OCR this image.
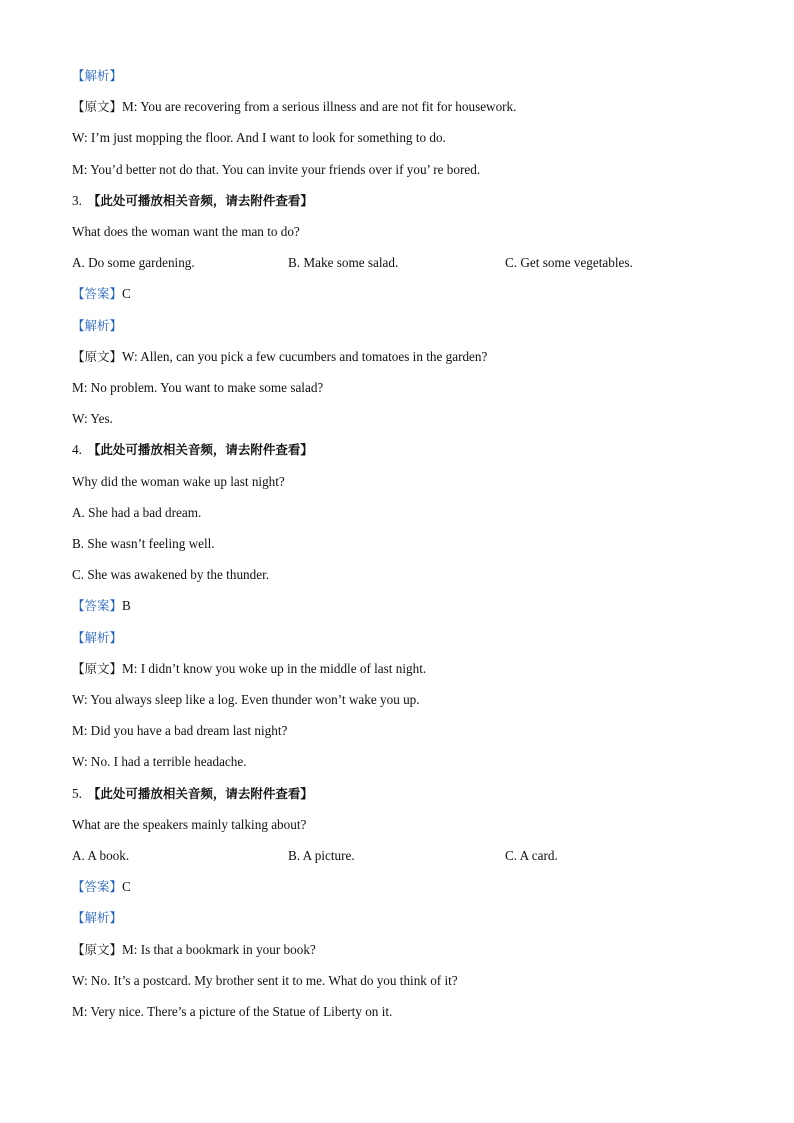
【解析】
【原文】M: You are recovering from a serious illness and are not fit for housework.
W: I’m just mopping the floor. And I want to look for something to do.
M: You’d better not do that. You can invite your friends over if you’ re bored.
3. 【此处可播放相关音频，请去附件查看】
What does the woman want the man to do?
A. Do some gardening.	B. Make some salad.	C. Get some vegetables.
【答案】C
【解析】
【原文】W: Allen, can you pick a few cucumbers and tomatoes in the garden?
M: No problem. You want to make some salad?
W: Yes.
4. 【此处可播放相关音频，请去附件查看】
Why did the woman wake up last night?
A. She had a bad dream.
B. She wasn’t feeling well.
C. She was awakened by the thunder.
【答案】B
【解析】
【原文】M: I didn’t know you woke up in the middle of last night.
W: You always sleep like a log. Even thunder won’t wake you up.
M: Did you have a bad dream last night?
W: No. I had a terrible headache.
5. 【此处可播放相关音频，请去附件查看】
What are the speakers mainly talking about?
A. A book.	B. A picture.	C. A card.
【答案】C
【解析】
【原文】M: Is that a bookmark in your book?
W: No. It’s a postcard. My brother sent it to me. What do you think of it?
M: Very nice. There’s a picture of the Statue of Liberty on it.
